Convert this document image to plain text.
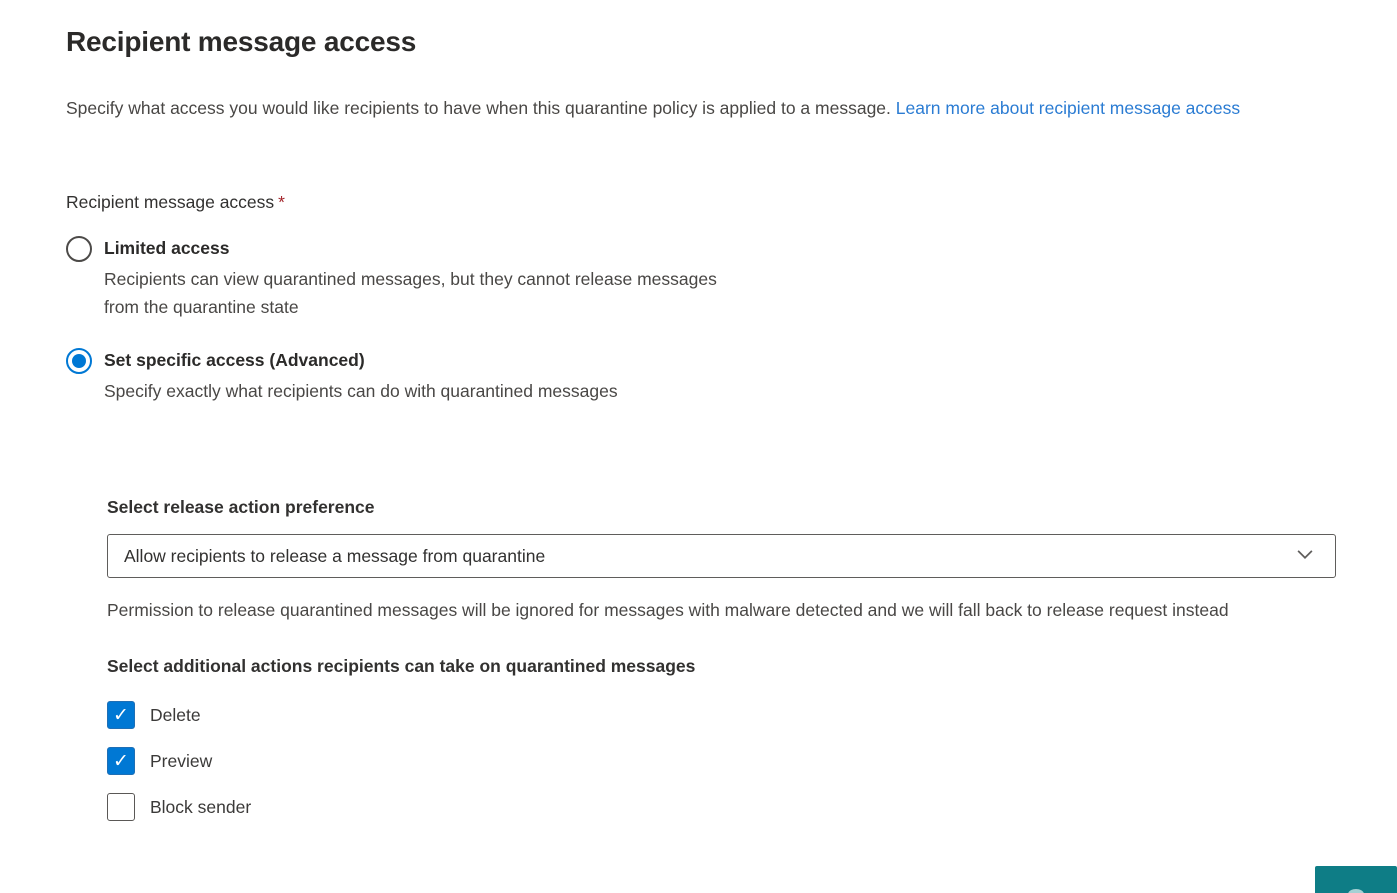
Recipient message access

Specify what access you would like recipients to have when this quarantine policy is applied to a message. Learn more about recipient message access

Recipient message access *
Limited access
Recipients can view quarantined messages, but they cannot release messages from the quarantine state
Set specific access (Advanced)
Specify exactly what recipients can do with quarantined messages
Select release action preference
Allow recipients to release a message from quarantine

Permission to release quarantined messages will be ignored for messages with malware detected and we will fall back to release request instead

Select additional actions recipients can take on quarantined messages
✓
Delete
✓
Preview
Block sender
